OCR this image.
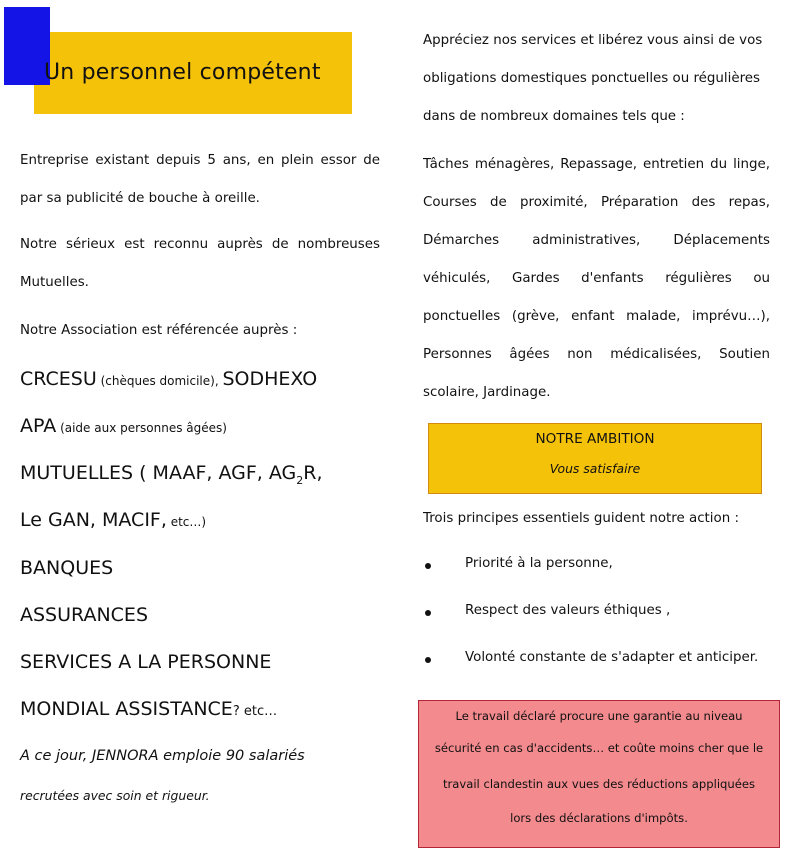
Un personnel compétent
Entreprise existant depuis 5 ans, en plein essor de
par sa publicité de bouche à oreille.
Notre sérieux est reconnu auprès de nombreuses
Mutuelles.
Notre Association est référencée auprès :
CRCESU (chèques domicile), SODHEXO
APA (aide aux personnes âgées)
MUTUELLES ( MAAF, AGF, $AG_2R$,
Le GAN, MACIF, etc…)
BANQUES
ASSURANCES
SERVICES A LA PERSONNE
MONDIAL ASSISTANCE? etc…
A ce jour, JENNORA emploie 90 salariés
recrutées avec soin et rigueur.
Appréciez nos services et libérez vous ainsi de vos
obligations domestiques ponctuelles ou régulières
dans de nombreux domaines tels que :
Tâches ménagères, Repassage, entretien du linge,
Courses de proximité, Préparation des repas,
Démarches administratives, Déplacements
véhiculés, Gardes d'enfants régulières ou
ponctuelles (grève, enfant malade, imprévu…),
Personnes âgées non médicalisées, Soutien
scolaire, Jardinage.
NOTRE AMBITION
Vous satisfaire
Trois principes essentiels guident notre action :
Priorité à la personne,
Respect des valeurs éthiques ,
Volonté constante de s'adapter et anticiper.
Le travail déclaré procure une garantie au niveau
sécurité en cas d'accidents… et coûte moins cher que le
travail clandestin aux vues des réductions appliquées
lors des déclarations d'impôts.
